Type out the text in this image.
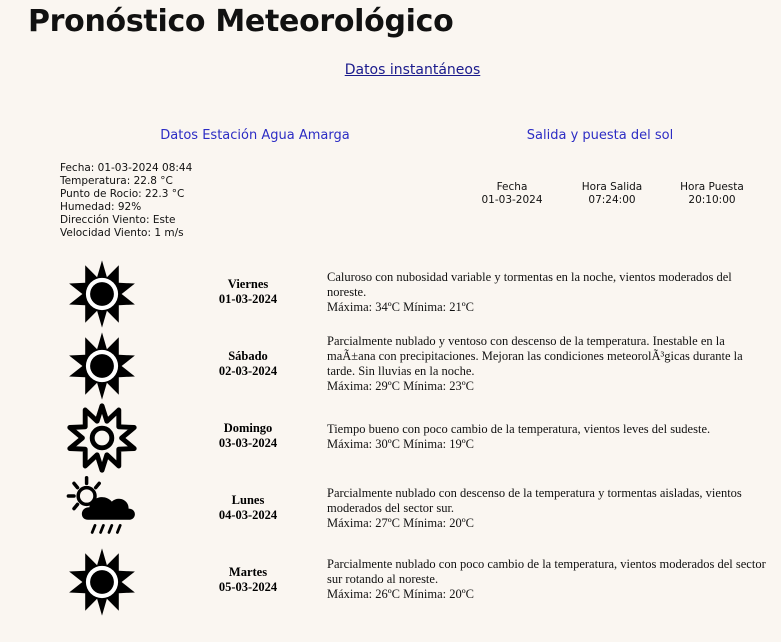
Pronóstico Meteorológico
Datos instantáneos
Datos Estación Agua Amarga	Salida y puesta del sol
Fecha: 01-03-2024 08:44
Temperatura: 22.8 °C
Punto de Rocio: 22.3 °C
Humedad: 92%
Dirección Viento: Este
Velocidad Viento: 1 m/s
Fecha	Hora Salida	Hora Puesta
01-03-2024	07:24:00	20:10:00
Viernes
01-03-2024
Caluroso con nubosidad variable y tormentas en la noche, vientos moderados del noreste.
Máxima: 34ºC Mínima: 21ºC
Sábado
02-03-2024
Parcialmente nublado y ventoso con descenso de la temperatura. Inestable en la maÃ±ana con precipitaciones. Mejoran las condiciones meteorolÃ³gicas durante la tarde. Sin lluvias en la noche.
Máxima: 29ºC Mínima: 23ºC
Domingo
03-03-2024
Tiempo bueno con poco cambio de la temperatura, vientos leves del sudeste.
Máxima: 30ºC Mínima: 19ºC
Lunes
04-03-2024
Parcialmente nublado con descenso de la temperatura y tormentas aisladas, vientos moderados del sector sur.
Máxima: 27ºC Mínima: 20ºC
Martes
05-03-2024
Parcialmente nublado con poco cambio de la temperatura, vientos moderados del sector sur rotando al noreste.
Máxima: 26ºC Mínima: 20ºC
